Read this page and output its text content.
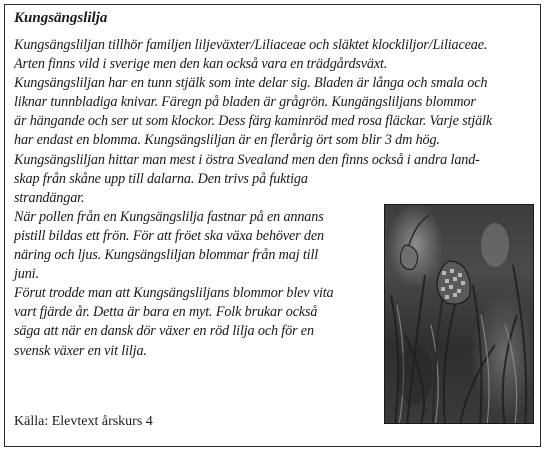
Kungsängslilja
Kungsängsliljan tillhör familjen liljeväxter/Liliaceae och släktet klockliljor/Liliaceae.
Arten finns vild i sverige men den kan också vara en trädgårdsväxt.
Kungsängsliljan har en tunn stjälk som inte delar sig. Bladen är långa och smala och
liknar tunnbladiga knivar. Färegn på bladen är grågrön. Kungängsliljans blommor
är hängande och ser ut som klockor. Dess färg kaminröd med rosa fläckar. Varje stjälk
har endast en blomma. Kungsängsliljan är en flerårig ört som blir 3 dm hög.
Kungsängsliljan hittar man mest i östra Svealand men den finns också i andra land-
skap från skåne upp till dalarna. Den trivs på fuktiga
strandängar.
När pollen från en Kungsängslilja fastnar på en annans
pistill bildas ett frön. För att fröet ska växa behöver den
näring och ljus. Kungsängsliljan blommar från maj till
juni.
Förut trodde man att Kungsängsliljans blommor blev vita
vart fjärde år. Detta är bara en myt. Folk brukar också
säga att när en dansk dör växer en röd lilja och för en
svensk växer en vit lilja.

Källa: Elevtext årskurs 4
